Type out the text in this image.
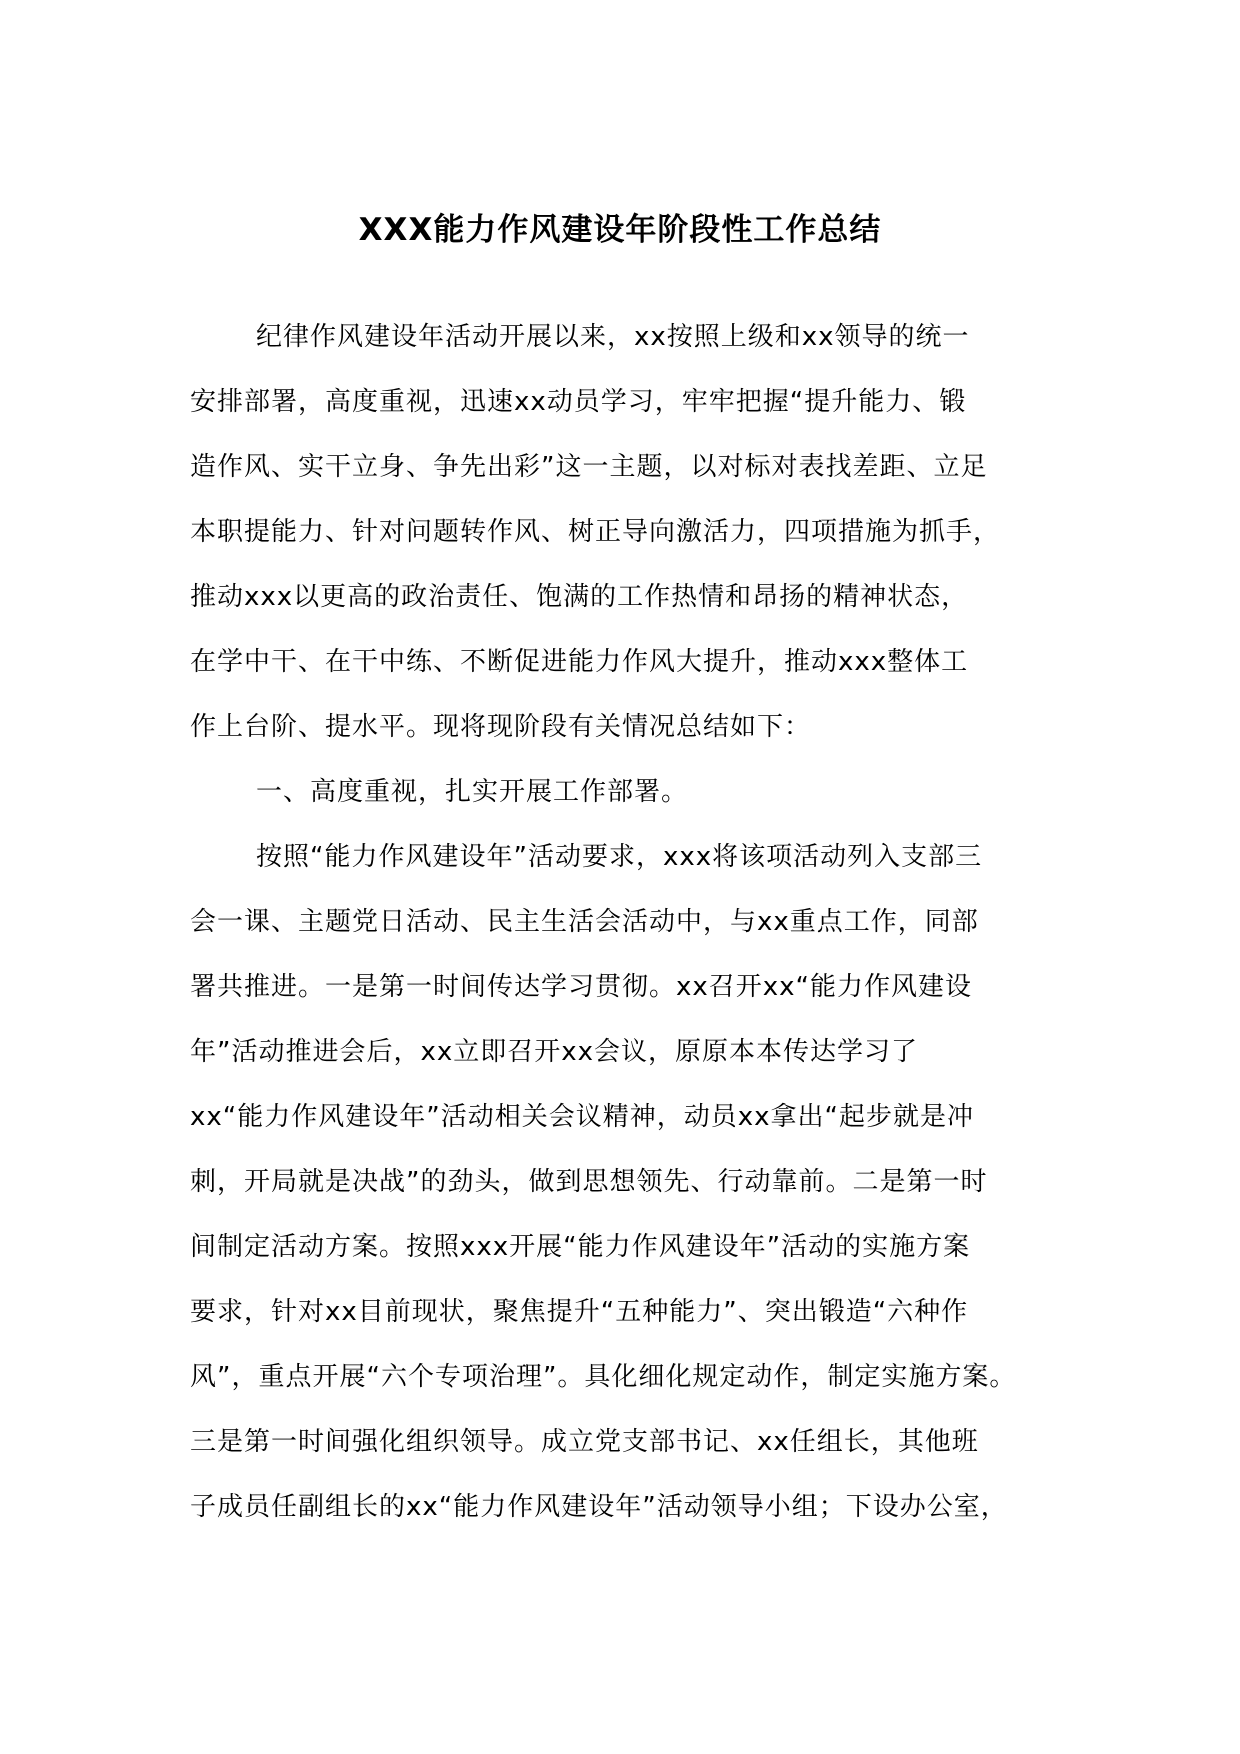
XXX能力作风建设年阶段性工作总结
纪律作风建设年活动开展以来，xx按照上级和xx领导的统一
安排部署，高度重视，迅速xx动员学习，牢牢把握“提升能力、锻
造作风、实干立身、争先出彩”这一主题，以对标对表找差距、立足
本职提能力、针对问题转作风、树正导向激活力，四项措施为抓手，
推动xxx以更高的政治责任、饱满的工作热情和昂扬的精神状态，
在学中干、在干中练、不断促进能力作风大提升，推动xxx整体工
作上台阶、提水平。现将现阶段有关情况总结如下：
一、高度重视，扎实开展工作部署。
按照“能力作风建设年”活动要求，xxx将该项活动列入支部三
会一课、主题党日活动、民主生活会活动中，与xx重点工作，同部
署共推进。一是第一时间传达学习贯彻。xx召开xx“能力作风建设
年”活动推进会后，xx立即召开xx会议，原原本本传达学习了
xx“能力作风建设年”活动相关会议精神，动员xx拿出“起步就是冲
刺，开局就是决战”的劲头，做到思想领先、行动靠前。二是第一时
间制定活动方案。按照xxx开展“能力作风建设年”活动的实施方案
要求，针对xx目前现状，聚焦提升“五种能力”、突出锻造“六种作
风”，重点开展“六个专项治理”。具化细化规定动作，制定实施方案。
三是第一时间强化组织领导。成立党支部书记、xx任组长，其他班
子成员任副组长的xx“能力作风建设年”活动领导小组；下设办公室，
